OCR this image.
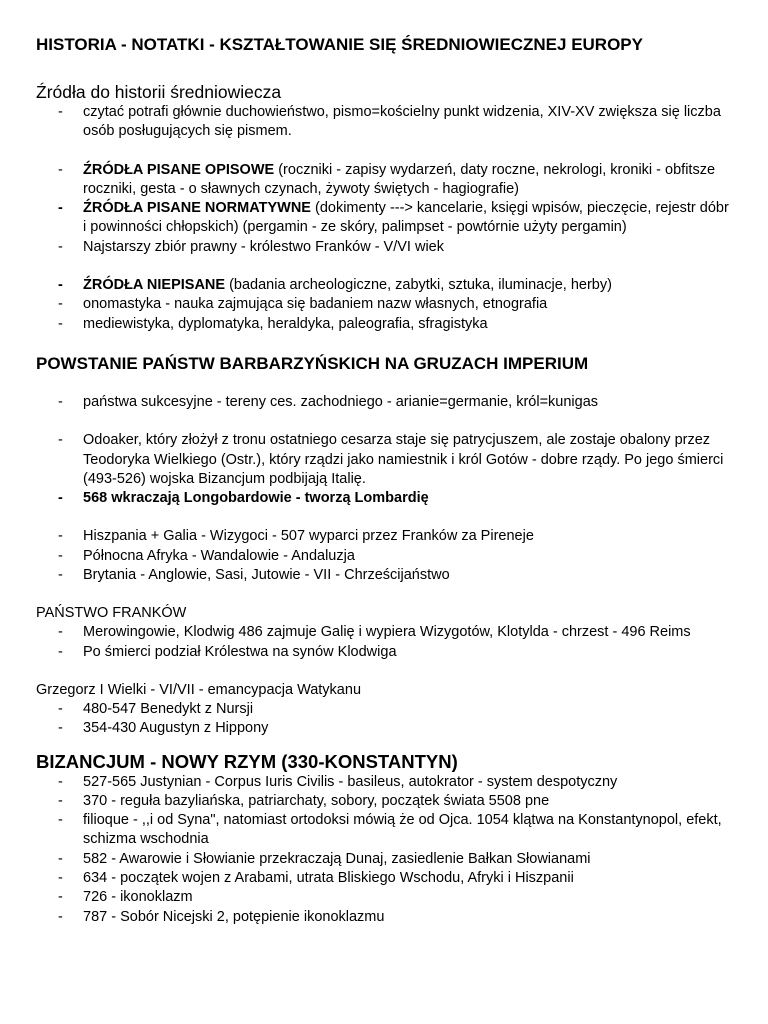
HISTORIA - NOTATKI - KSZTAŁTOWANIE SIĘ ŚREDNIOWIECZNEJ EUROPY

Źródła do historii średniowiecza

- czytać potrafi głównie duchowieństwo, pismo=kościelny punkt widzenia, XIV-XV zwiększa się liczba osób posługujących się pismem.
- ŹRÓDŁA PISANE OPISOWE (roczniki - zapisy wydarzeń, daty roczne, nekrologi, kroniki - obfitsze roczniki, gesta - o sławnych czynach, żywoty świętych - hagiografie)
- ŹRÓDŁA PISANE NORMATYWNE (dokimenty ---> kancelarie, księgi wpisów, pieczęcie, rejestr dóbr i powinności chłopskich) (pergamin - ze skóry, palimpset - powtórnie użyty pergamin)
- Najstarszy zbiór prawny - królestwo Franków - V/VI wiek
- ŹRÓDŁA NIEPISANE (badania archeologiczne, zabytki, sztuka, iluminacje, herby)
- onomastyka - nauka zajmująca się badaniem nazw własnych, etnografia
- mediewistyka, dyplomatyka, heraldyka, paleografia, sfragistyka

POWSTANIE PAŃSTW BARBARZYŃSKICH NA GRUZACH IMPERIUM

- państwa sukcesyjne - tereny ces. zachodniego - arianie=germanie, król=kunigas
- Odoaker, który złożył z tronu ostatniego cesarza staje się patrycjuszem, ale zostaje obalony przez Teodoryka Wielkiego (Ostr.), który rządzi jako namiestnik i król Gotów - dobre rządy. Po jego śmierci (493-526) wojska Bizancjum podbijają Italię.
- 568 wkraczają Longobardowie - tworzą Lombardię
- Hiszpania + Galia - Wizygoci - 507 wyparci przez Franków za Pireneje
- Północna Afryka - Wandalowie - Andaluzja
- Brytania - Anglowie, Sasi, Jutowie - VII - Chrześcijaństwo

PAŃSTWO FRANKÓW

- Merowingowie, Klodwig 486 zajmuje Galię i wypiera Wizygotów, Klotylda - chrzest - 496 Reims
- Po śmierci podział Królestwa na synów Klodwiga

Grzegorz I Wielki - VI/VII - emancypacja Watykanu

- 480-547 Benedykt z Nursji
- 354-430 Augustyn z Hippony

BIZANCJUM - NOWY RZYM (330-KONSTANTYN)

- 527-565 Justynian - Corpus Iuris Civilis - basileus, autokrator - system despotyczny
- 370 - reguła bazyliańska, patriarchaty, sobory, początek świata 5508 pne
- filioque - ,,i od Syna", natomiast ortodoksi mówią że od Ojca. 1054 klątwa na Konstantynopol, efekt, schizma wschodnia
- 582 - Awarowie i Słowianie przekraczają Dunaj, zasiedlenie Bałkan Słowianami
- 634 - początek wojen z Arabami, utrata Bliskiego Wschodu, Afryki i Hiszpanii
- 726 - ikonoklazm
- 787 - Sobór Nicejski 2, potępienie ikonoklazmu
